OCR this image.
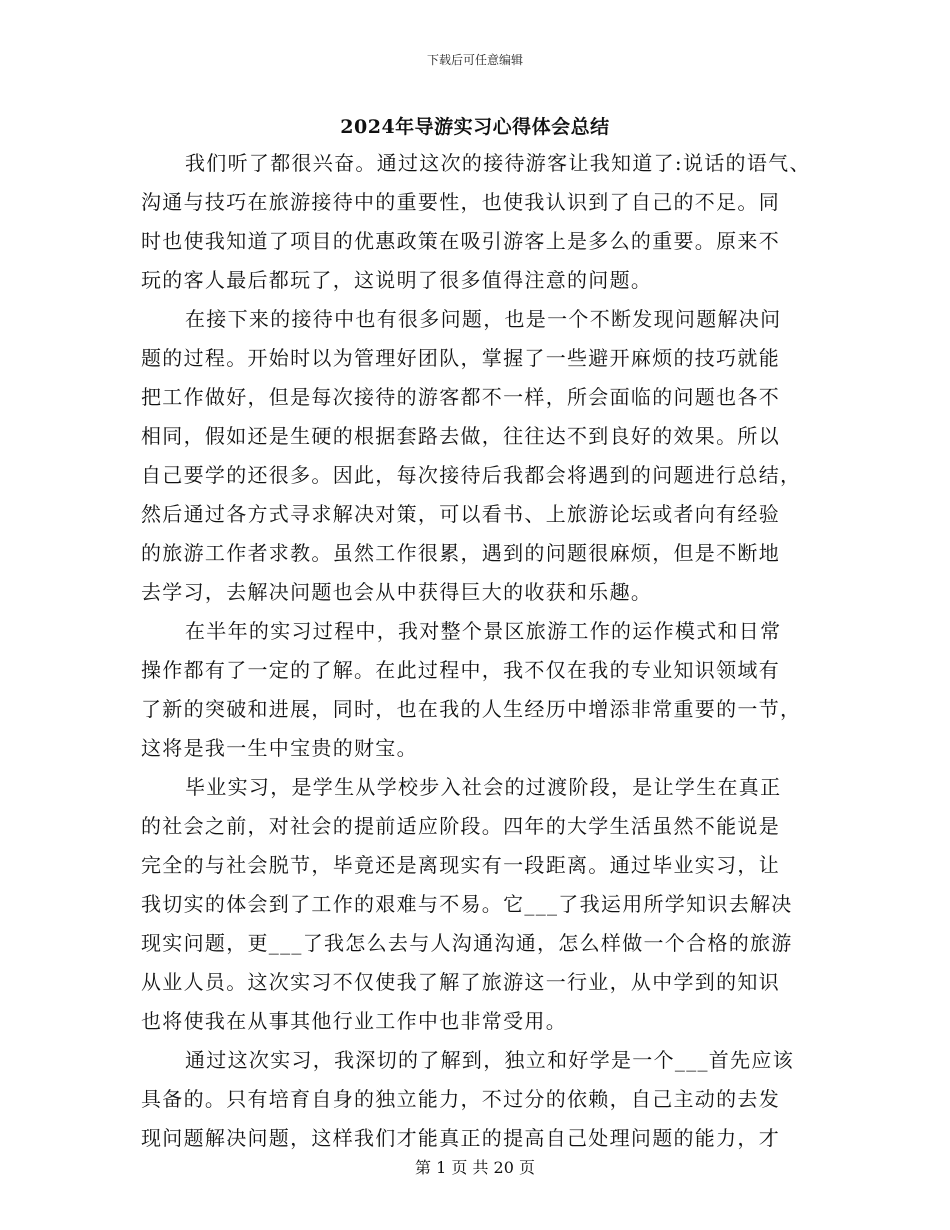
下载后可任意编辑
2024年导游实习心得体会总结

我们听了都很兴奋。通过这次的接待游客让我知道了:说话的语气、
沟通与技巧在旅游接待中的重要性，也使我认识到了自己的不足。同
时也使我知道了项目的优惠政策在吸引游客上是多么的重要。原来不
玩的客人最后都玩了，这说明了很多值得注意的问题。

在接下来的接待中也有很多问题，也是一个不断发现问题解决问
题的过程。开始时以为管理好团队，掌握了一些避开麻烦的技巧就能
把工作做好，但是每次接待的游客都不一样，所会面临的问题也各不
相同，假如还是生硬的根据套路去做，往往达不到良好的效果。所以
自己要学的还很多。因此，每次接待后我都会将遇到的问题进行总结，
然后通过各方式寻求解决对策，可以看书、上旅游论坛或者向有经验
的旅游工作者求教。虽然工作很累，遇到的问题很麻烦，但是不断地
去学习，去解决问题也会从中获得巨大的收获和乐趣。

在半年的实习过程中，我对整个景区旅游工作的运作模式和日常
操作都有了一定的了解。在此过程中，我不仅在我的专业知识领域有
了新的突破和进展，同时，也在我的人生经历中增添非常重要的一节，
这将是我一生中宝贵的财宝。

毕业实习，是学生从学校步入社会的过渡阶段，是让学生在真正
的社会之前，对社会的提前适应阶段。四年的大学生活虽然不能说是
完全的与社会脱节，毕竟还是离现实有一段距离。通过毕业实习，让
我切实的体会到了工作的艰难与不易。它___了我运用所学知识去解决
现实问题，更___了我怎么去与人沟通沟通，怎么样做一个合格的旅游
从业人员。这次实习不仅使我了解了旅游这一行业，从中学到的知识
也将使我在从事其他行业工作中也非常受用。

通过这次实习，我深切的了解到，独立和好学是一个___首先应该
具备的。只有培育自身的独立能力，不过分的依赖，自己主动的去发
现问题解决问题，这样我们才能真正的提高自己处理问题的能力，才

第 1 页 共 20 页
